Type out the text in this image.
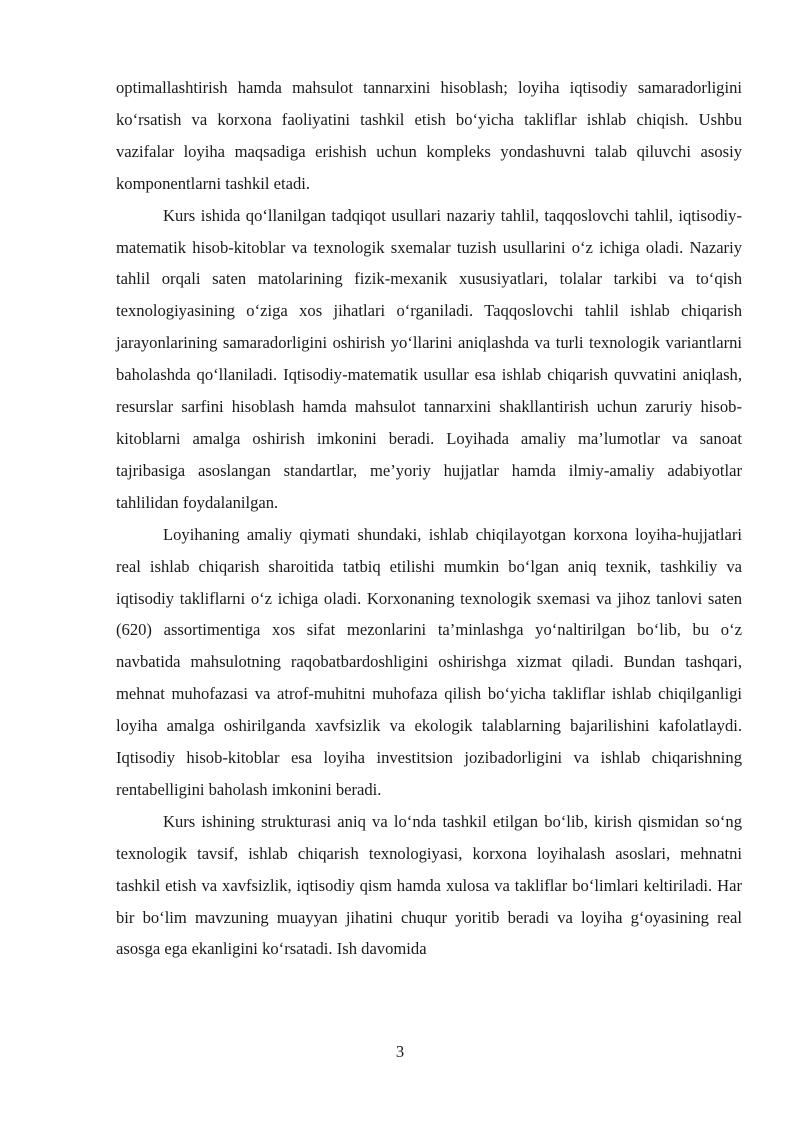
optimallashtirish hamda mahsulot tannarxini hisoblash; loyiha iqtisodiy samaradorligini ko‘rsatish va korxona faoliyatini tashkil etish bo‘yicha takliflar ishlab chiqish. Ushbu vazifalar loyiha maqsadiga erishish uchun kompleks yondashuvni talab qiluvchi asosiy komponentlarni tashkil etadi.

Kurs ishida qo‘llanilgan tadqiqot usullari nazariy tahlil, taqqoslovchi tahlil, iqtisodiy-matematik hisob-kitoblar va texnologik sxemalar tuzish usullarini o‘z ichiga oladi. Nazariy tahlil orqali saten matolarining fizik-mexanik xususiyatlari, tolalar tarkibi va to‘qish texnologiyasining o‘ziga xos jihatlari o‘rganiladi. Taqqoslovchi tahlil ishlab chiqarish jarayonlarining samaradorligini oshirish yo‘llarini aniqlashda va turli texnologik variantlarni baholashda qo‘llaniladi. Iqtisodiy-matematik usullar esa ishlab chiqarish quvvatini aniqlash, resurslar sarfini hisoblash hamda mahsulot tannarxini shakllantirish uchun zaruriy hisob-kitoblarni amalga oshirish imkonini beradi. Loyihada amaliy ma’lumotlar va sanoat tajribasiga asoslangan standartlar, me’yoriy hujjatlar hamda ilmiy-amaliy adabiyotlar tahlilidan foydalanilgan.

Loyihaning amaliy qiymati shundaki, ishlab chiqilayotgan korxona loyiha-hujjatlari real ishlab chiqarish sharoitida tatbiq etilishi mumkin bo‘lgan aniq texnik, tashkiliy va iqtisodiy takliflarni o‘z ichiga oladi. Korxonaning texnologik sxemasi va jihoz tanlovi saten (620) assortimentiga xos sifat mezonlarini ta’minlashga yo‘naltirilgan bo‘lib, bu o‘z navbatida mahsulotning raqobatbardoshligini oshirishga xizmat qiladi. Bundan tashqari, mehnat muhofazasi va atrof-muhitni muhofaza qilish bo‘yicha takliflar ishlab chiqilganligi loyiha amalga oshirilganda xavfsizlik va ekologik talablarning bajarilishini kafolatlaydi. Iqtisodiy hisob-kitoblar esa loyiha investitsion jozibadorligini va ishlab chiqarishning rentabelligini baholash imkonini beradi.

Kurs ishining strukturasi aniq va lo‘nda tashkil etilgan bo‘lib, kirish qismidan so‘ng texnologik tavsif, ishlab chiqarish texnologiyasi, korxona loyihalash asoslari, mehnatni tashkil etish va xavfsizlik, iqtisodiy qism hamda xulosa va takliflar bo‘limlari keltiriladi. Har bir bo‘lim mavzuning muayyan jihatini chuqur yoritib beradi va loyiha g‘oyasining real asosga ega ekanligini ko‘rsatadi. Ish davomida

3
